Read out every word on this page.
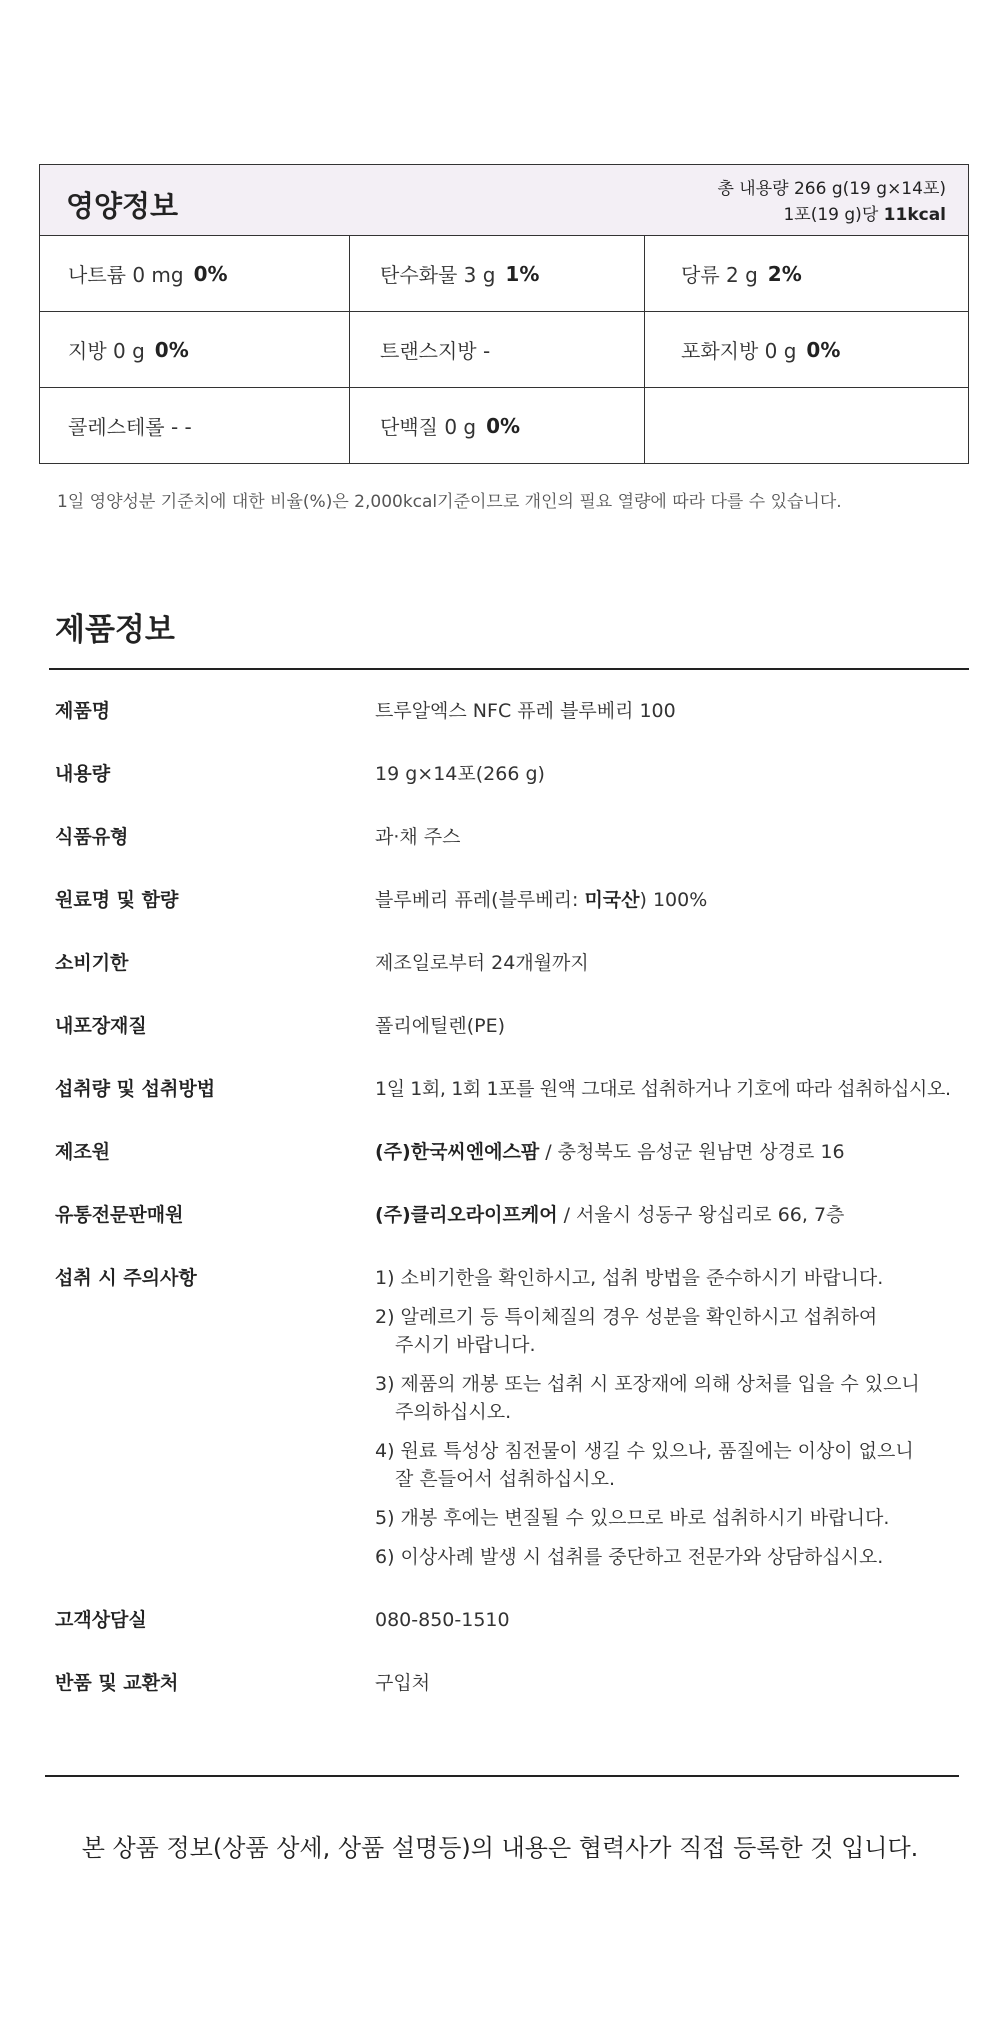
영양정보	총 내용량 266 g(19 g×14포)
1포(19 g)당 11kcal
나트륨 0 mg 0%	탄수화물 3 g 1%	당류 2 g 2%
지방 0 g 0%	트랜스지방 -	포화지방 0 g 0%
콜레스테롤 - -	단백질 0 g 0%
1일 영양성분 기준치에 대한 비율(%)은 2,000kcal기준이므로 개인의 필요 열량에 따라 다를 수 있습니다.
제품정보
제품명	트루알엑스 NFC 퓨레 블루베리 100
내용량	19 g×14포(266 g)
식품유형	과·채 주스
원료명 및 함량	블루베리 퓨레(블루베리: 미국산) 100%
소비기한	제조일로부터 24개월까지
내포장재질	폴리에틸렌(PE)
섭취량 및 섭취방법	1일 1회, 1회 1포를 원액 그대로 섭취하거나 기호에 따라 섭취하십시오.
제조원	(주)한국씨엔에스팜 / 충청북도 음성군 원남면 상경로 16
유통전문판매원	(주)클리오라이프케어 / 서울시 성동구 왕십리로 66, 7층
섭취 시 주의사항	1) 소비기한을 확인하시고, 섭취 방법을 준수하시기 바랍니다.
2) 알레르기 등 특이체질의 경우 성분을 확인하시고 섭취하여
주시기 바랍니다.
3) 제품의 개봉 또는 섭취 시 포장재에 의해 상처를 입을 수 있으니
주의하십시오.
4) 원료 특성상 침전물이 생길 수 있으나, 품질에는 이상이 없으니
잘 흔들어서 섭취하십시오.
5) 개봉 후에는 변질될 수 있으므로 바로 섭취하시기 바랍니다.
6) 이상사례 발생 시 섭취를 중단하고 전문가와 상담하십시오.
고객상담실	080-850-1510
반품 및 교환처	구입처
본 상품 정보(상품 상세, 상품 설명등)의 내용은 협력사가 직접 등록한 것 입니다.
